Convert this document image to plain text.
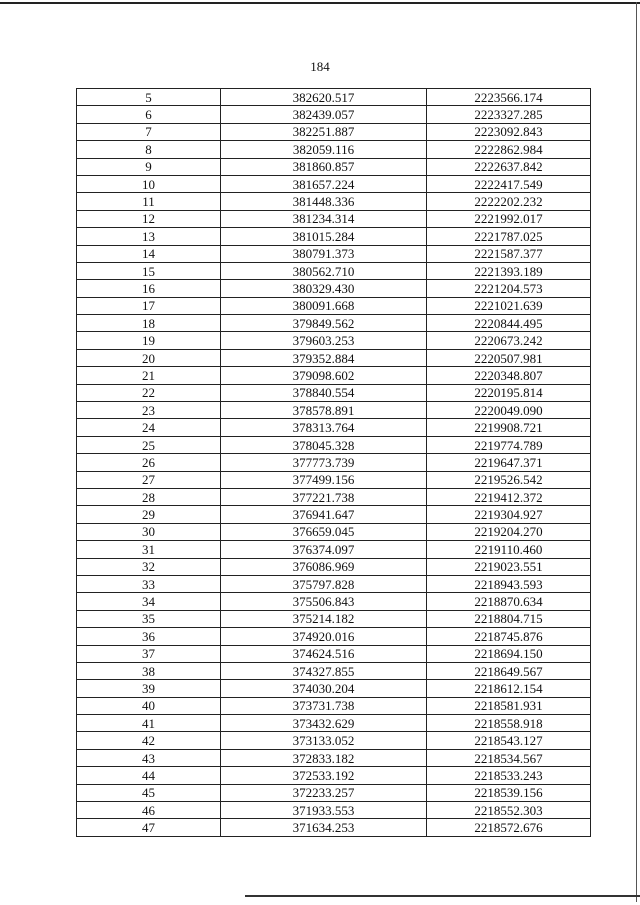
184
5	382620.517	2223566.174
6	382439.057	2223327.285
7	382251.887	2223092.843
8	382059.116	2222862.984
9	381860.857	2222637.842
10	381657.224	2222417.549
11	381448.336	2222202.232
12	381234.314	2221992.017
13	381015.284	2221787.025
14	380791.373	2221587.377
15	380562.710	2221393.189
16	380329.430	2221204.573
17	380091.668	2221021.639
18	379849.562	2220844.495
19	379603.253	2220673.242
20	379352.884	2220507.981
21	379098.602	2220348.807
22	378840.554	2220195.814
23	378578.891	2220049.090
24	378313.764	2219908.721
25	378045.328	2219774.789
26	377773.739	2219647.371
27	377499.156	2219526.542
28	377221.738	2219412.372
29	376941.647	2219304.927
30	376659.045	2219204.270
31	376374.097	2219110.460
32	376086.969	2219023.551
33	375797.828	2218943.593
34	375506.843	2218870.634
35	375214.182	2218804.715
36	374920.016	2218745.876
37	374624.516	2218694.150
38	374327.855	2218649.567
39	374030.204	2218612.154
40	373731.738	2218581.931
41	373432.629	2218558.918
42	373133.052	2218543.127
43	372833.182	2218534.567
44	372533.192	2218533.243
45	372233.257	2218539.156
46	371933.553	2218552.303
47	371634.253	2218572.676
